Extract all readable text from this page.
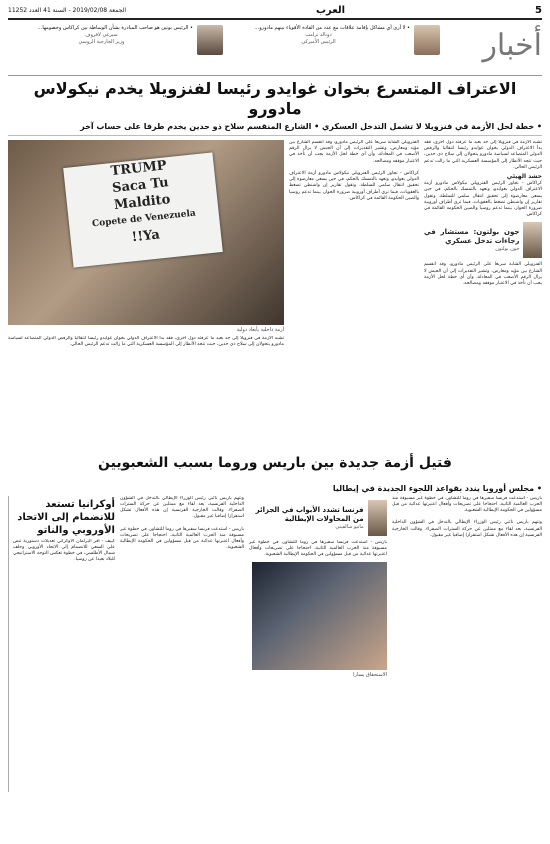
5
العرب
الجمعة 2019/02/08 - السنة 41 العدد 11252
أخبار
• لا أرى أي مشاكل بإقامة علاقات مع عدد من القادة الأقوياء بينهم مادورو…
دونالد ترامب
الرئيس الأميركي
• الرئيس بوتين هو صاحب المبادرة بشأن الوساطة بين كراكاس وخصومها…
سيرغي لافروف
وزير الخارجية الروسي
الاعتراف المتسرع بخوان غوايدو رئيسا لفنزويلا يخدم نيكولاس مادورو
• خطة لحل الأزمة في فنزويلا لا تشمل التدخل العسكري • الشارع المنقسم سلاح ذو حدين يخدم طرفا على حساب آخر
تشبه الأزمة في فنزويلا إلى حد بعيد ما عرفته دول أخرى، فقد بدأ الاعتراف الدولي بخوان غوايدو رئيسا انتقاليا والرفض الدولي المتصاعد لسياسة مادورو يتحولان إلى سلاح ذي حدين، حيث تتجه الأنظار إلى المؤسسة العسكرية التي ما زالت تدعم الرئيس الحالي.
حشد الهيئي
كراكاس - تجاوز الرئيس الفنزويلي نيكولاس مادورو أزمة الاعتراف الدولي بغوايدو، وتعهد بالتمسك بالحكم، في حين يسعى معارضوه إلى تحقيق انتقال سلمي للسلطة. وتقول تقارير إن واشنطن تضغط بالعقوبات، فيما ترى أطراف أوروبية ضرورة الحوار، بينما تدعم روسيا والصين الحكومة القائمة في كراكاس.
جون بولتون: مستشار في رجاءات تدخل عسكري
جون بولتون
الفنزويلي الشابة سريعا على الرئيس مادورو، وقد انقسم الشارع بين مؤيد ومعارض، وتشير التقديرات إلى أن الجيش لا يزال الرقم الأصعب في المعادلة، وأن أي خطة لحل الأزمة يجب أن تأخذ في الاعتبار موقفه ومصالحه.
الفنزويلي الشابة سريعا على الرئيس مادورو، وقد انقسم الشارع بين مؤيد ومعارض، وتشير التقديرات إلى أن الجيش لا يزال الرقم الأصعب في المعادلة، وأن أي خطة لحل الأزمة يجب أن تأخذ في الاعتبار موقفه ومصالحه.

كراكاس - تجاوز الرئيس الفنزويلي نيكولاس مادورو أزمة الاعتراف الدولي بغوايدو، وتعهد بالتمسك بالحكم، في حين يسعى معارضوه إلى تحقيق انتقال سلمي للسلطة. وتقول تقارير إن واشنطن تضغط بالعقوبات، فيما ترى أطراف أوروبية ضرورة الحوار، بينما تدعم روسيا والصين الحكومة القائمة في كراكاس.
TRUMP
Saca Tu
Maldito
Copete de Venezuela
Ya!!
أزمة داخلية بأبعاد دولية
تشبه الأزمة في فنزويلا إلى حد بعيد ما عرفته دول أخرى، فقد بدأ الاعتراف الدولي بخوان غوايدو رئيسا انتقاليا والرفض الدولي المتصاعد لسياسة مادورو يتحولان إلى سلاح ذي حدين، حيث تتجه الأنظار إلى المؤسسة العسكرية التي ما زالت تدعم الرئيس الحالي.
فتيل أزمة جديدة بين باريس وروما بسبب الشعبويين
• مجلس أوروبا يندد بقواعد اللجوء الجديدة في إيطاليا
باريس - استدعت فرنسا سفيرها في روما للتشاور، في خطوة غير مسبوقة منذ الحرب العالمية الثانية، احتجاجا على تصريحات وأفعال اعتبرتها عدائية من قبل مسؤولين في الحكومة الإيطالية الشعبوية.

وتتهم باريس نائبي رئيس الوزراء الإيطالي بالتدخل في الشؤون الداخلية الفرنسية، بعد لقاء مع ممثلين عن حركة السترات الصفراء. وقالت الخارجية الفرنسية إن هذه الأفعال تشكل استفزازا إضافيا غير مقبول.
فرنسا تشدد الأبواب في الجزائر من المحاولات الإيطالية
ماتيو سالفيني
باريس - استدعت فرنسا سفيرها في روما للتشاور، في خطوة غير مسبوقة منذ الحرب العالمية الثانية، احتجاجا على تصريحات وأفعال اعتبرتها عدائية من قبل مسؤولين في الحكومة الإيطالية الشعبوية.
الاستحقاق يسارا
وتتهم باريس نائبي رئيس الوزراء الإيطالي بالتدخل في الشؤون الداخلية الفرنسية، بعد لقاء مع ممثلين عن حركة السترات الصفراء. وقالت الخارجية الفرنسية إن هذه الأفعال تشكل استفزازا إضافيا غير مقبول.

باريس - استدعت فرنسا سفيرها في روما للتشاور، في خطوة غير مسبوقة منذ الحرب العالمية الثانية، احتجاجا على تصريحات وأفعال اعتبرتها عدائية من قبل مسؤولين في الحكومة الإيطالية الشعبوية.
أوكرانيا تستعد للانضمام إلى الاتحاد الأوروبي والناتو
كييف - أقر البرلمان الأوكراني تعديلات دستورية تنص على السعي للانضمام إلى الاتحاد الأوروبي وحلف شمال الأطلسي، في خطوة تعكس التوجه الاستراتيجي للبلاد بعيدا عن روسيا.
